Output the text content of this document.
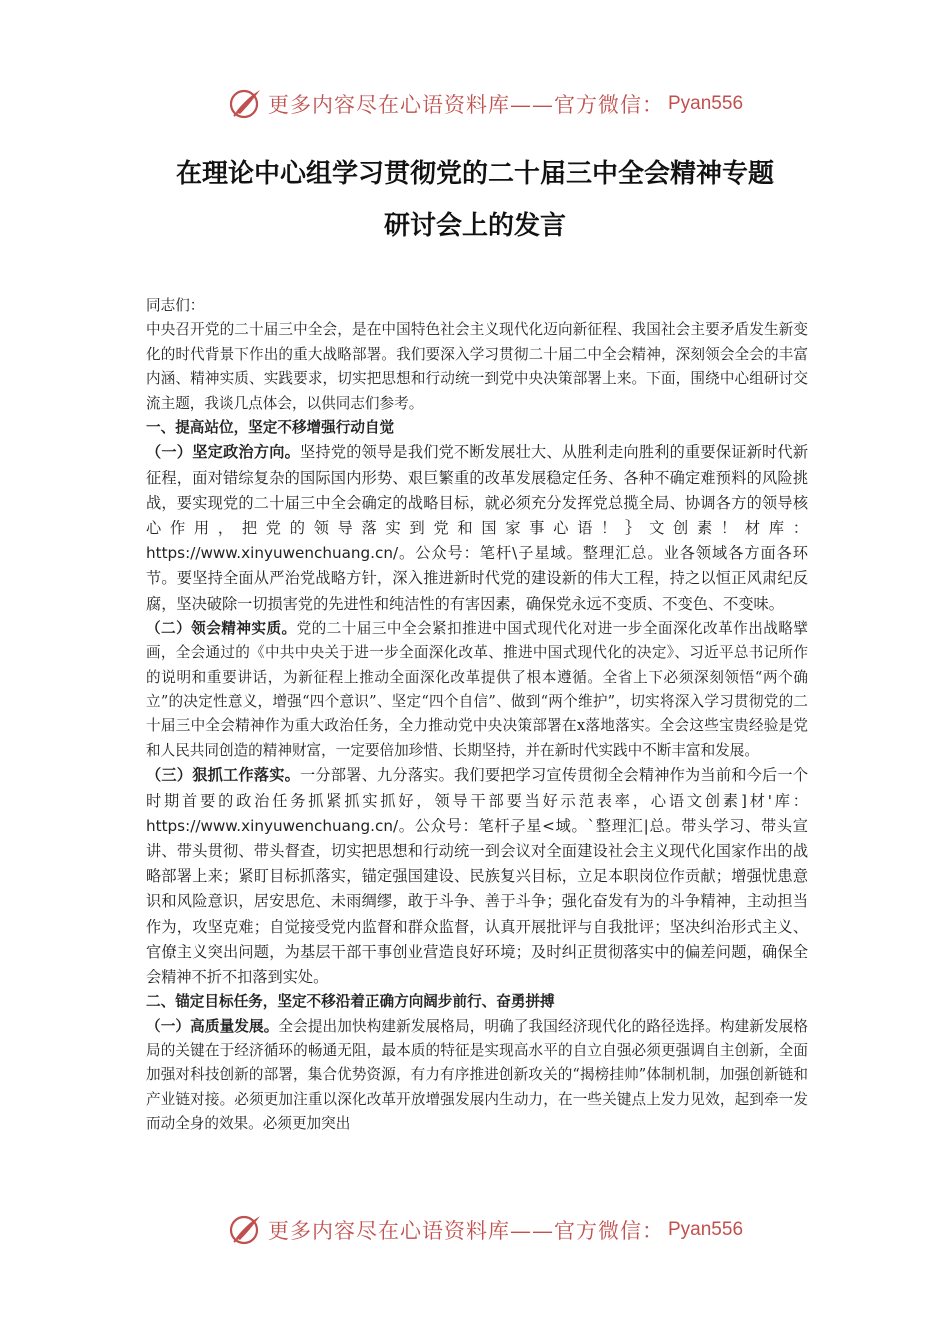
更多内容尽在心语资料库——官方微信： Pyan556
在理论中心组学习贯彻党的二十届三中全会精神专题
研讨会上的发言

同志们：

中央召开党的二十届三中全会，是在中国特色社会主义现代化迈向新征程、我国社会主要矛盾发生新变化的时代背景下作出的重大战略部署。我们要深入学习贯彻二十届二中全会精神，深刻领会全会的丰富内涵、精神实质、实践要求，切实把思想和行动统一到党中央决策部署上来。下面，围绕中心组研讨交流主题，我谈几点体会，以供同志们参考。

一、提高站位，坚定不移增强行动自觉

（一）坚定政治方向。坚持党的领导是我们党不断发展壮大、从胜利走向胜利的重要保证新时代新征程，面对错综复杂的国际国内形势、艰巨繁重的改革发展稳定任务、各种不确定难预料的风险挑战，要实现党的二十届三中全会确定的战略目标，就必须充分发挥党总揽全局、协调各方的领导核心作用，把党的领导落实到党和国家事心语！｝文创素！材库：https://www.xinyuwenchuang.cn/。公众号：笔杆\子星域。整理汇总。业各领域各方面各环节。要坚持全面从严治党战略方针，深入推进新时代党的建设新的伟大工程，持之以恒正风肃纪反腐，坚决破除一切损害党的先进性和纯洁性的有害因素，确保党永远不变质、不变色、不变味。

（二）领会精神实质。党的二十届三中全会紧扣推进中国式现代化对进一步全面深化改革作出战略擘画，全会通过的《中共中央关于进一步全面深化改革、推进中国式现代化的决定》、习近平总书记所作的说明和重要讲话，为新征程上推动全面深化改革提供了根本遵循。全省上下必须深刻领悟“两个确立”的决定性意义，增强“四个意识”、坚定“四个自信”、做到“两个维护”，切实将深入学习贯彻党的二十届三中全会精神作为重大政治任务，全力推动党中央决策部署在x落地落实。全会这些宝贵经验是党和人民共同创造的精神财富，一定要倍加珍惜、长期坚持，并在新时代实践中不断丰富和发展。

（三）狠抓工作落实。一分部署、九分落实。我们要把学习宣传贯彻全会精神作为当前和今后一个时期首要的政治任务抓紧抓实抓好，领导干部要当好示范表率，心语文创素]材'库：https://www.xinyuwenchuang.cn/。公众号：笔杆子星<域。`整理汇|总。带头学习、带头宣讲、带头贯彻、带头督查，切实把思想和行动统一到会议对全面建设社会主义现代化国家作出的战略部署上来；紧盯目标抓落实，锚定强国建设、民族复兴目标，立足本职岗位作贡献；增强忧患意识和风险意识，居安思危、未雨绸缪，敢于斗争、善于斗争；强化奋发有为的斗争精神，主动担当作为，攻坚克难；自觉接受党内监督和群众监督，认真开展批评与自我批评；坚决纠治形式主义、官僚主义突出问题，为基层干部干事创业营造良好环境；及时纠正贯彻落实中的偏差问题，确保全会精神不折不扣落到实处。

二、锚定目标任务，坚定不移沿着正确方向阔步前行、奋勇拼搏

（一）高质量发展。全会提出加快构建新发展格局，明确了我国经济现代化的路径选择。构建新发展格局的关键在于经济循环的畅通无阻，最本质的特征是实现高水平的自立自强必须更强调自主创新，全面加强对科技创新的部署，集合优势资源，有力有序推进创新攻关的“揭榜挂帅”体制机制，加强创新链和产业链对接。必须更加注重以深化改革开放增强发展内生动力，在一些关键点上发力见效，起到牵一发而动全身的效果。必须更加突出

更多内容尽在心语资料库——官方微信： Pyan556
